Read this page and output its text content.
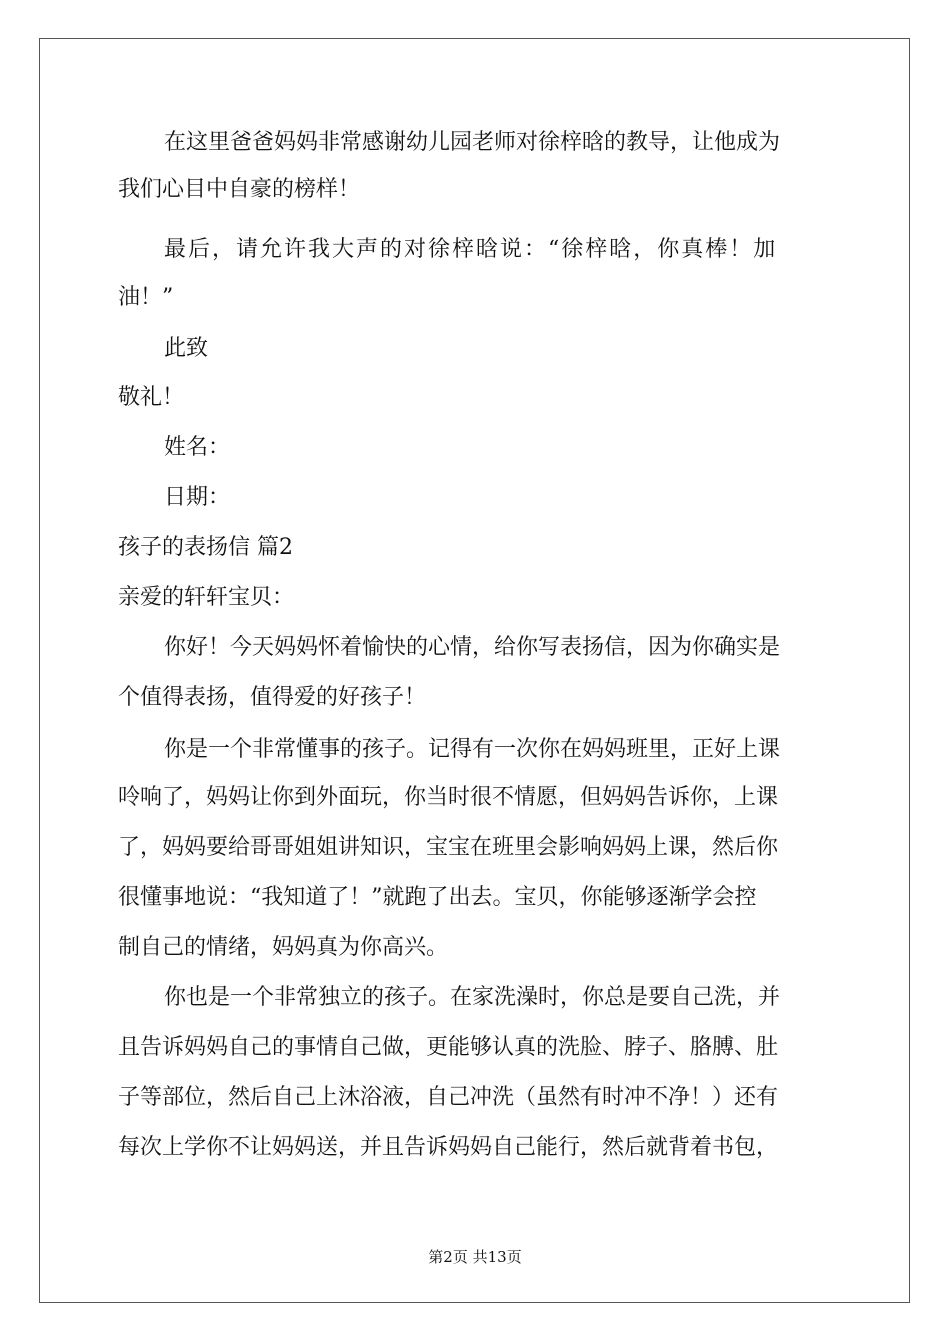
在这里爸爸妈妈非常感谢幼儿园老师对徐梓晗的教导，让他成为
我们心目中自豪的榜样！
最后，请允许我大声的对徐梓晗说：“徐梓晗，你真棒！加
油！”
此致
敬礼！
姓名：
日期：
孩子的表扬信 篇2
亲爱的轩轩宝贝：
你好！今天妈妈怀着愉快的心情，给你写表扬信，因为你确实是
个值得表扬，值得爱的好孩子！
你是一个非常懂事的孩子。记得有一次你在妈妈班里，正好上课
呤响了，妈妈让你到外面玩，你当时很不情愿，但妈妈告诉你，上课
了，妈妈要给哥哥姐姐讲知识，宝宝在班里会影响妈妈上课，然后你
很懂事地说：“我知道了！”就跑了出去。宝贝，你能够逐渐学会控
制自己的情绪，妈妈真为你高兴。
你也是一个非常独立的孩子。在家洗澡时，你总是要自己洗，并
且告诉妈妈自己的事情自己做，更能够认真的洗脸、脖子、胳膊、肚
子等部位，然后自己上沐浴液，自己冲洗（虽然有时冲不净！）还有
每次上学你不让妈妈送，并且告诉妈妈自己能行，然后就背着书包，
第2页 共13页
